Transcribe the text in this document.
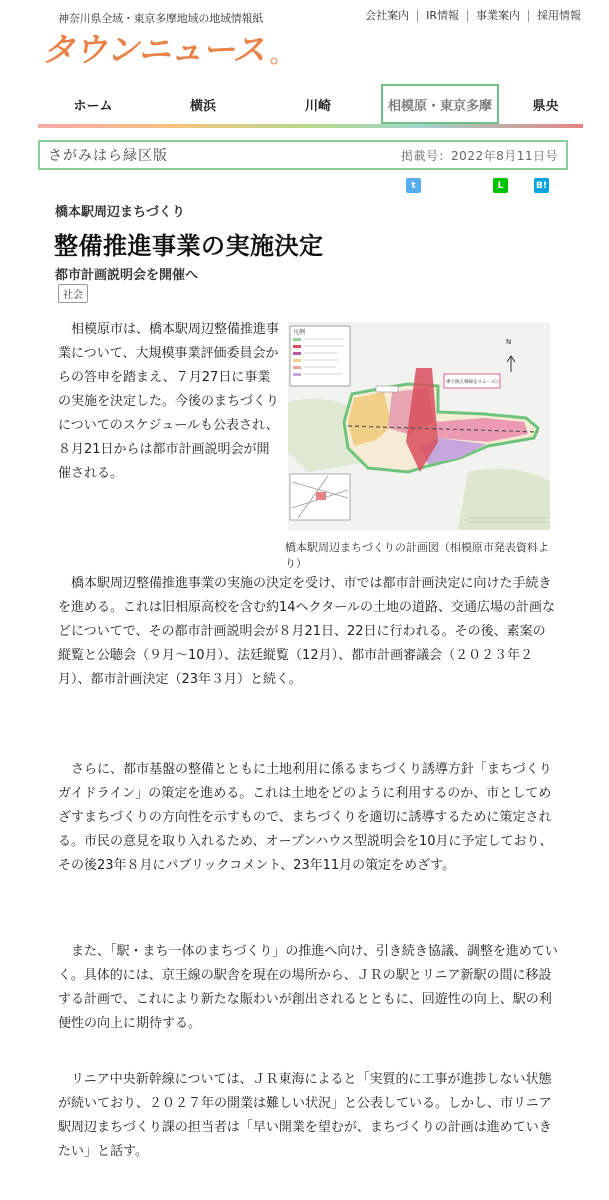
神奈川県全域・東京多摩地域の地域情報紙	会社案内	IR情報	事業案内	採用情報
タウンニュース
ホーム	横浜	川崎	相模原・東京多摩	県央
さがみはら緑区版	掲載号：2022年8月11日号
t	L	B!
橋本駅周辺まちづくり
整備推進事業の実施決定
都市計画説明会を開催へ
社会
相模原市は、橋本駅周辺整備推進事業について、大規模事業評価委員会からの答申を踏まえ、７月27日に事業の実施を決定した。今後のまちづくりについてのスケジュールも公表され、８月21日からは都市計画説明会が開催される。
凡例
N
乗り換え導線をスムーズに
橋本駅周辺まちづくりの計画図（相模原市発表資料より）
橋本駅周辺整備推進事業の実施の決定を受け、市では都市計画決定に向けた手続きを進める。これは旧相原高校を含む約14ヘクタールの土地の道路、交通広場の計画などについてで、その都市計画説明会が８月21日、22日に行われる。その後、素案の縦覧と公聴会（９月～10月）、法廷縦覧（12月）、都市計画審議会（２０２３年２月）、都市計画決定（23年３月）と続く。
さらに、都市基盤の整備とともに土地利用に係るまちづくり誘導方針「まちづくりガイドライン」の策定を進める。これは土地をどのように利用するのか、市としてめざすまちづくりの方向性を示すもので、まちづくりを適切に誘導するために策定される。市民の意見を取り入れるため、オープンハウス型説明会を10月に予定しており、その後23年８月にパブリックコメント、23年11月の策定をめざす。
また、「駅・まち一体のまちづくり」の推進へ向け、引き続き協議、調整を進めていく。具体的には、京王線の駅舎を現在の場所から、ＪＲの駅とリニア新駅の間に移設する計画で、これにより新たな賑わいが創出されるとともに、回遊性の向上、駅の利便性の向上に期待する。
リニア中央新幹線については、ＪＲ東海によると「実質的に工事が進捗しない状態が続いており、２０２７年の開業は難しい状況」と公表している。しかし、市リニア駅周辺まちづくり課の担当者は「早い開業を望むが、まちづくりの計画は進めていきたい」と話す。
